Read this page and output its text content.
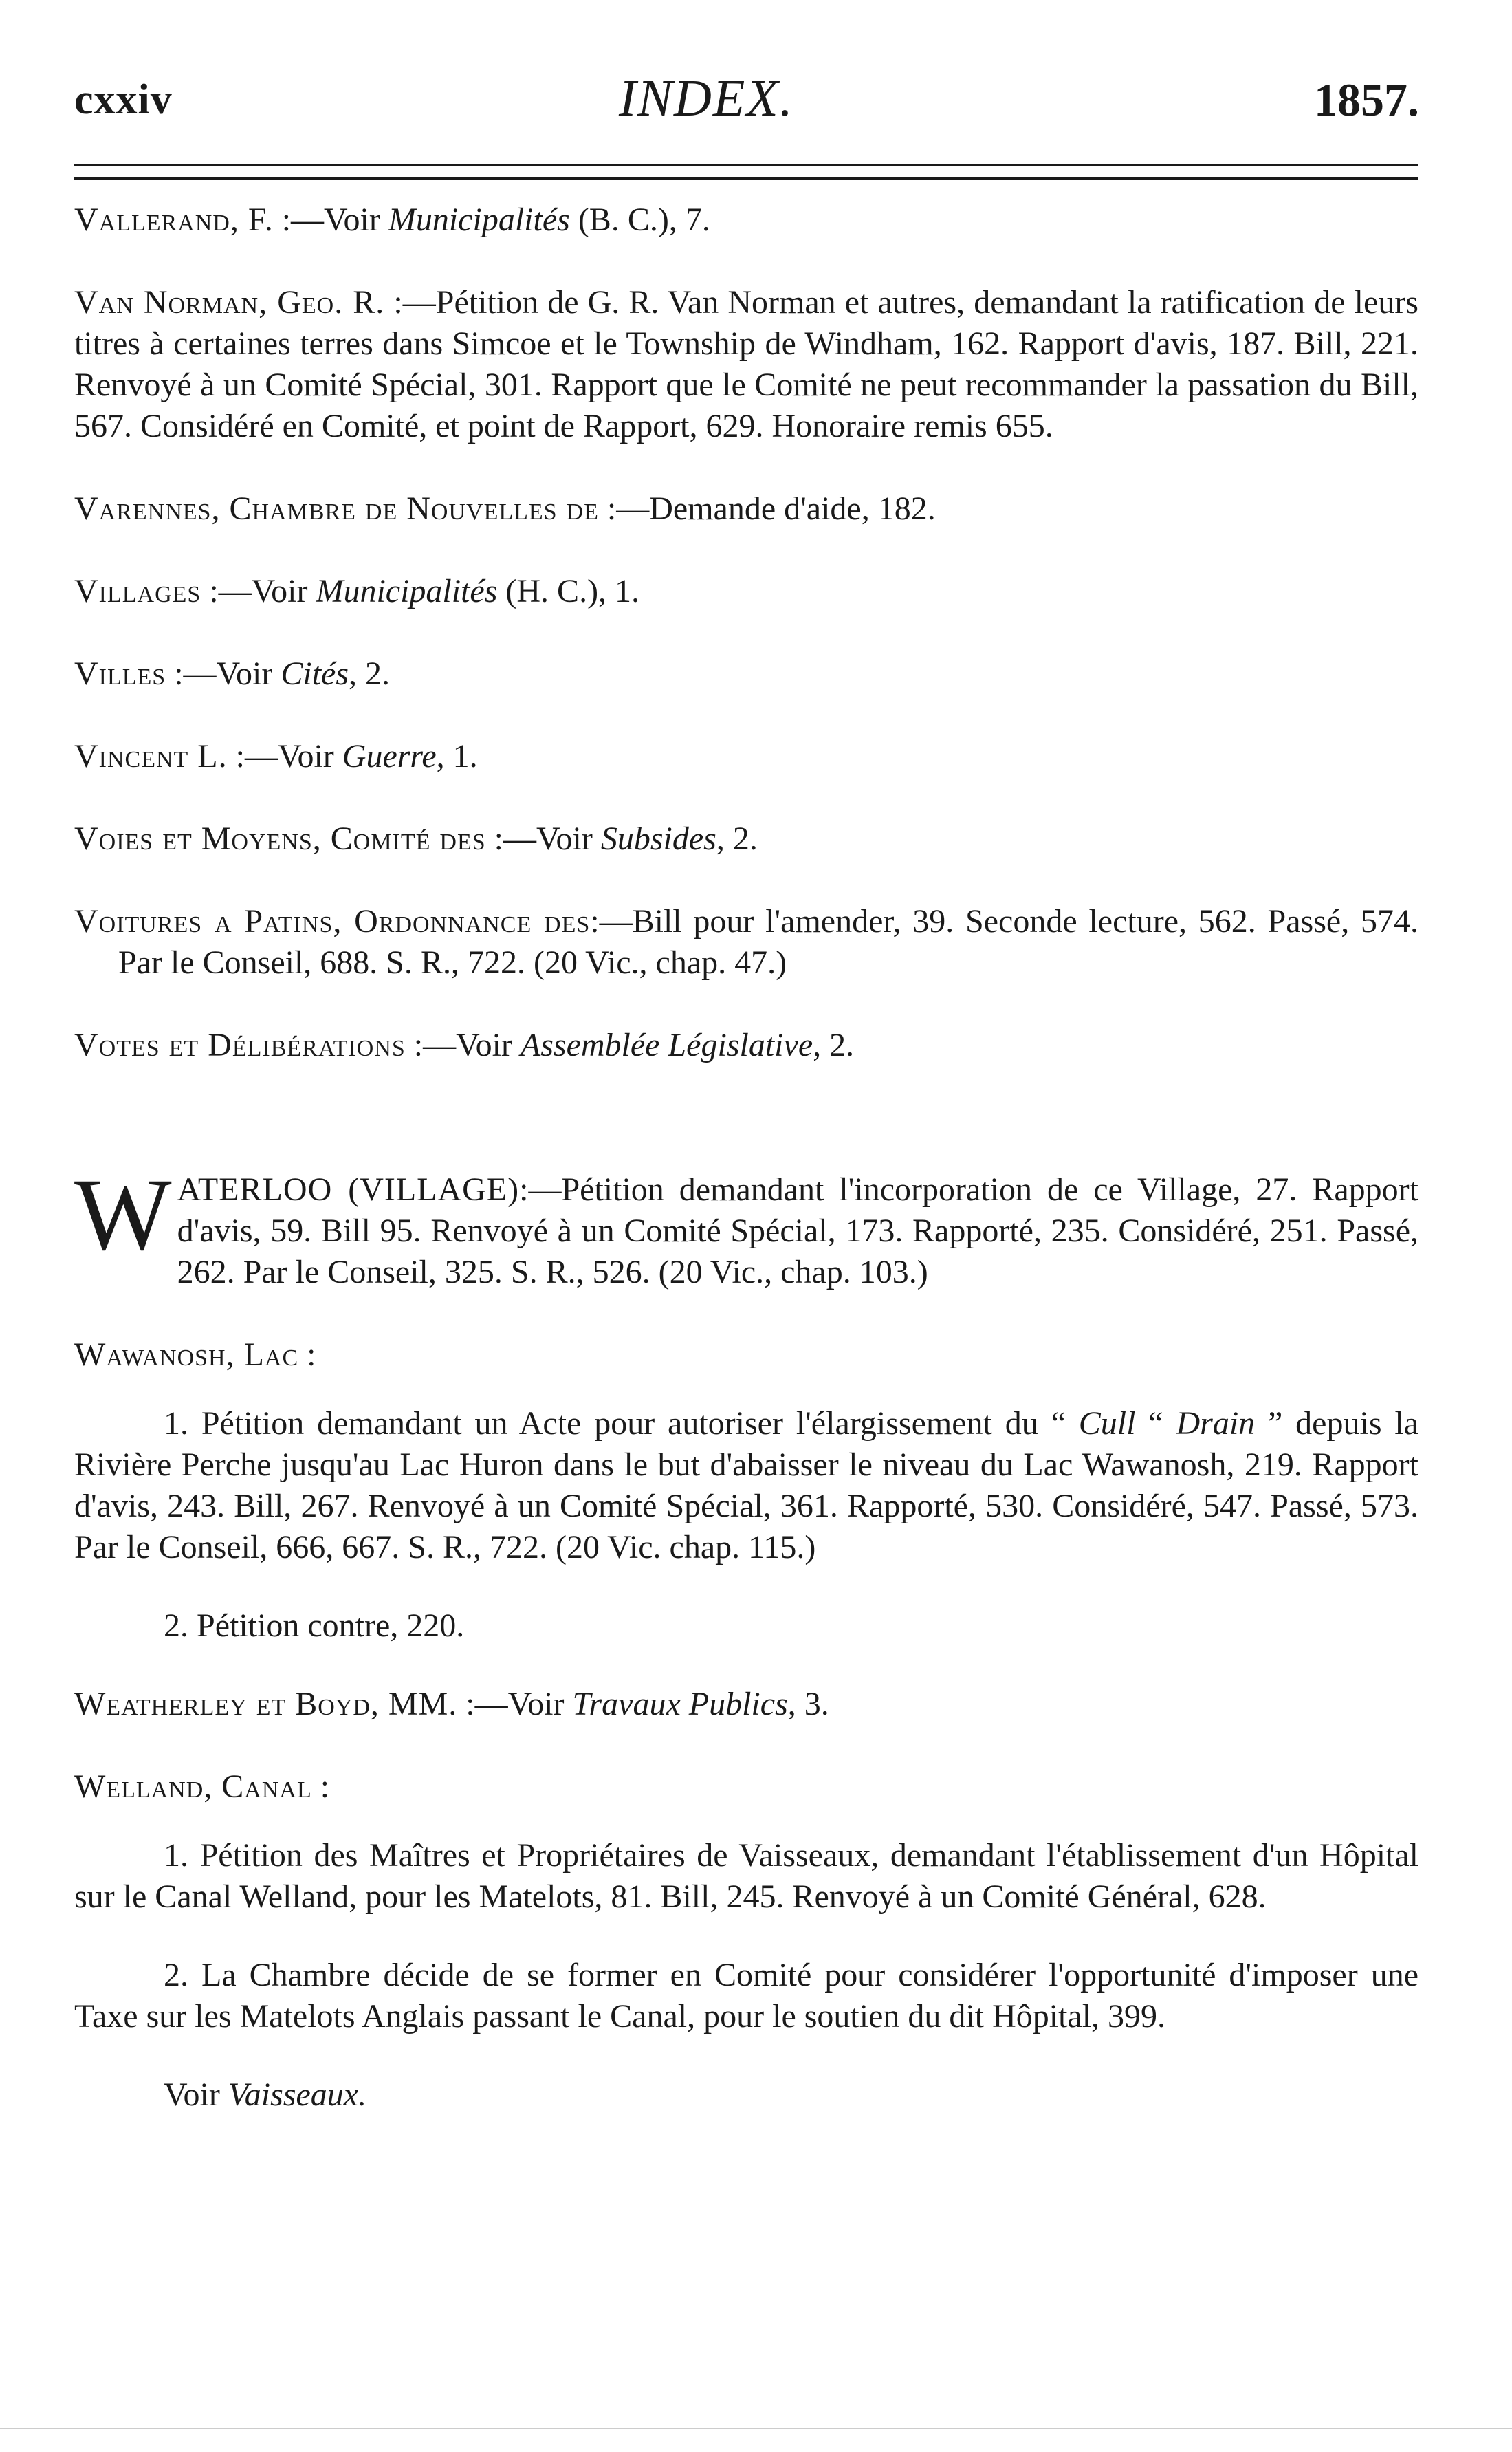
cxxiv	INDEX.	1857.
Vallerand, F. :—Voir Municipalités (B. C.), 7.
Van Norman, Geo. R. :—Pétition de G. R. Van Norman et autres, demandant la ratification de leurs titres à certaines terres dans Simcoe et le Township de Windham, 162. Rapport d'avis, 187. Bill, 221. Renvoyé à un Comité Spécial, 301. Rapport que le Comité ne peut recommander la passation du Bill, 567. Considéré en Comité, et point de Rapport, 629. Honoraire remis 655.
Varennes, Chambre de Nouvelles de :—Demande d'aide, 182.
Villages :—Voir Municipalités (H. C.), 1.
Villes :—Voir Cités, 2.
Vincent L. :—Voir Guerre, 1.
Voies et Moyens, Comité des :—Voir Subsides, 2.
Voitures a Patins, Ordonnance des:—Bill pour l'amender, 39. Seconde lecture, 562. Passé, 574. Par le Conseil, 688. S. R., 722. (20 Vic., chap. 47.)
Votes et Délibérations :—Voir Assemblée Législative, 2.
WATERLOO (VILLAGE):—Pétition demandant l'incorporation de ce Village, 27. Rapport d'avis, 59. Bill 95. Renvoyé à un Comité Spécial, 173. Rapporté, 235. Considéré, 251. Passé, 262. Par le Conseil, 325. S. R., 526. (20 Vic., chap. 103.)
Wawanosh, Lac :
1. Pétition demandant un Acte pour autoriser l'élargissement du “ Cull “ Drain ” depuis la Rivière Perche jusqu'au Lac Huron dans le but d'abaisser le niveau du Lac Wawanosh, 219. Rapport d'avis, 243. Bill, 267. Renvoyé à un Comité Spécial, 361. Rapporté, 530. Considéré, 547. Passé, 573. Par le Conseil, 666, 667. S. R., 722. (20 Vic. chap. 115.)
2. Pétition contre, 220.
Weatherley et Boyd, MM. :—Voir Travaux Publics, 3.
Welland, Canal :
1. Pétition des Maîtres et Propriétaires de Vaisseaux, demandant l'établissement d'un Hôpital sur le Canal Welland, pour les Matelots, 81. Bill, 245. Renvoyé à un Comité Général, 628.
2. La Chambre décide de se former en Comité pour considérer l'opportunité d'imposer une Taxe sur les Matelots Anglais passant le Canal, pour le soutien du dit Hôpital, 399.
Voir Vaisseaux.
